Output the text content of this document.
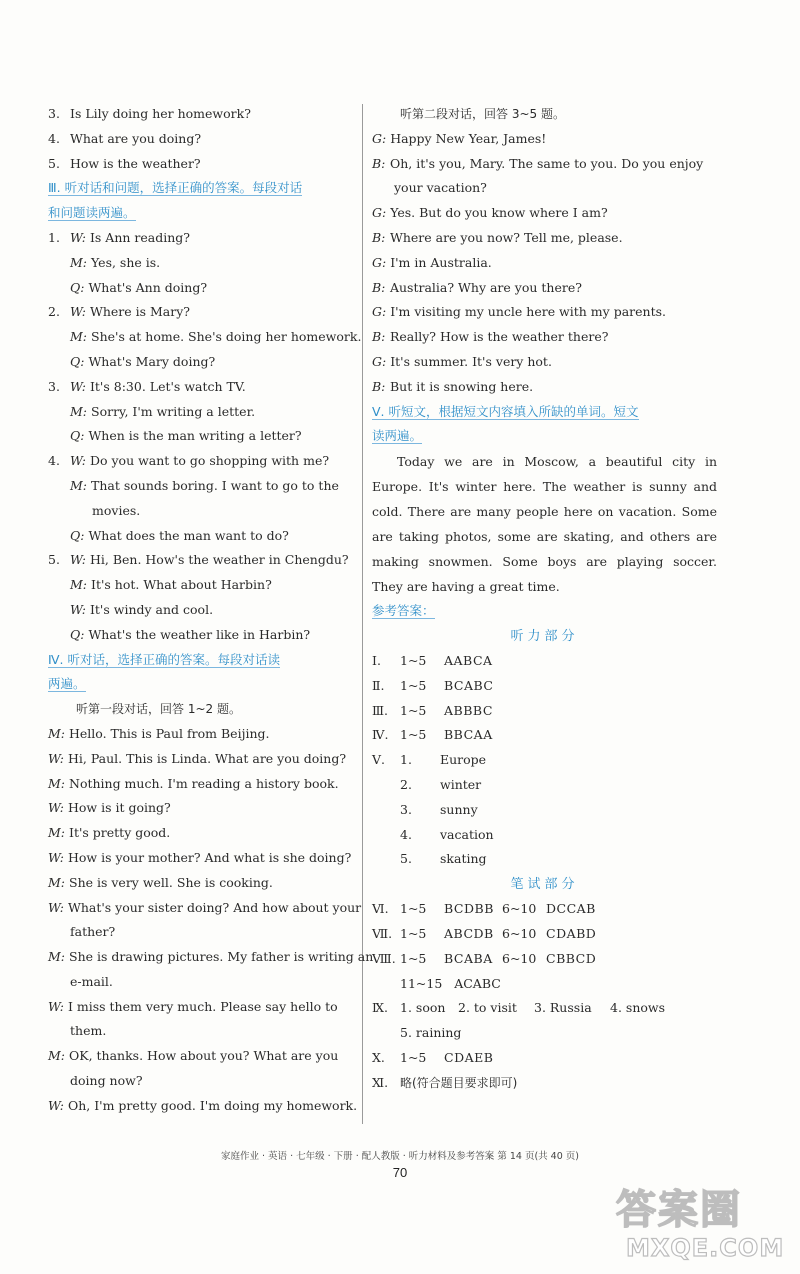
3. Is Lily doing her homework?
4. What are you doing?
5. How is the weather?
Ⅲ. 听对话和问题，选择正确的答案。每段对话
和问题读两遍。
1. W: Is Ann reading?
M: Yes, she is.
Q: What's Ann doing?
2. W: Where is Mary?
M: She's at home. She's doing her homework.
Q: What's Mary doing?
3. W: It's 8:30. Let's watch TV.
M: Sorry, I'm writing a letter.
Q: When is the man writing a letter?
4. W: Do you want to go shopping with me?
M: That sounds boring. I want to go to the
movies.
Q: What does the man want to do?
5. W: Hi, Ben. How's the weather in Chengdu?
M: It's hot. What about Harbin?
W: It's windy and cool.
Q: What's the weather like in Harbin?
Ⅳ. 听对话，选择正确的答案。每段对话读
两遍。
听第一段对话，回答 1~2 题。
M: Hello. This is Paul from Beijing.
W: Hi, Paul. This is Linda. What are you doing?
M: Nothing much. I'm reading a history book.
W: How is it going?
M: It's pretty good.
W: How is your mother? And what is she doing?
M: She is very well. She is cooking.
W: What's your sister doing? And how about your
father?
M: She is drawing pictures. My father is writing an
e-mail.
W: I miss them very much. Please say hello to
them.
M: OK, thanks. How about you? What are you
doing now?
W: Oh, I'm pretty good. I'm doing my homework.
听第二段对话，回答 3~5 题。
G: Happy New Year, James!
B: Oh, it's you, Mary. The same to you. Do you enjoy
your vacation?
G: Yes. But do you know where I am?
B: Where are you now? Tell me, please.
G: I'm in Australia.
B: Australia? Why are you there?
G: I'm visiting my uncle here with my parents.
B: Really? How is the weather there?
G: It's summer. It's very hot.
B: But it is snowing here.
Ⅴ. 听短文，根据短文内容填入所缺的单词。短文
读两遍。
Today we are in Moscow, a beautiful city in Europe. It's winter here. The weather is sunny and cold. There are many people here on vacation. Some are taking photos, some are skating, and others are making snowmen. Some boys are playing soccer. They are having a great time.
参考答案：
听力部分
Ⅰ. 1~5 AABCA
Ⅱ. 1~5 BCABC
Ⅲ. 1~5 ABBBC
Ⅳ. 1~5 BBCAA
Ⅴ. 1. Europe
2. winter
3. sunny
4. vacation
5. skating
笔试部分
Ⅵ. 1~5 BCDBB 6~10 DCCAB
Ⅶ. 1~5 ABCDB 6~10 CDABD
Ⅷ. 1~5 BCABA 6~10 CBBCD
11~15   ACABC
Ⅸ. 1. soon 2. to visit 3. Russia 4. snows
5. raining
Ⅹ. 1~5 CDAEB
Ⅺ. 略(符合题目要求即可)
家庭作业 · 英语 · 七年级 · 下册 · 配人教版 · 听力材料及参考答案 第 14 页(共 40 页)
70
答案圈
MXQE.COM
